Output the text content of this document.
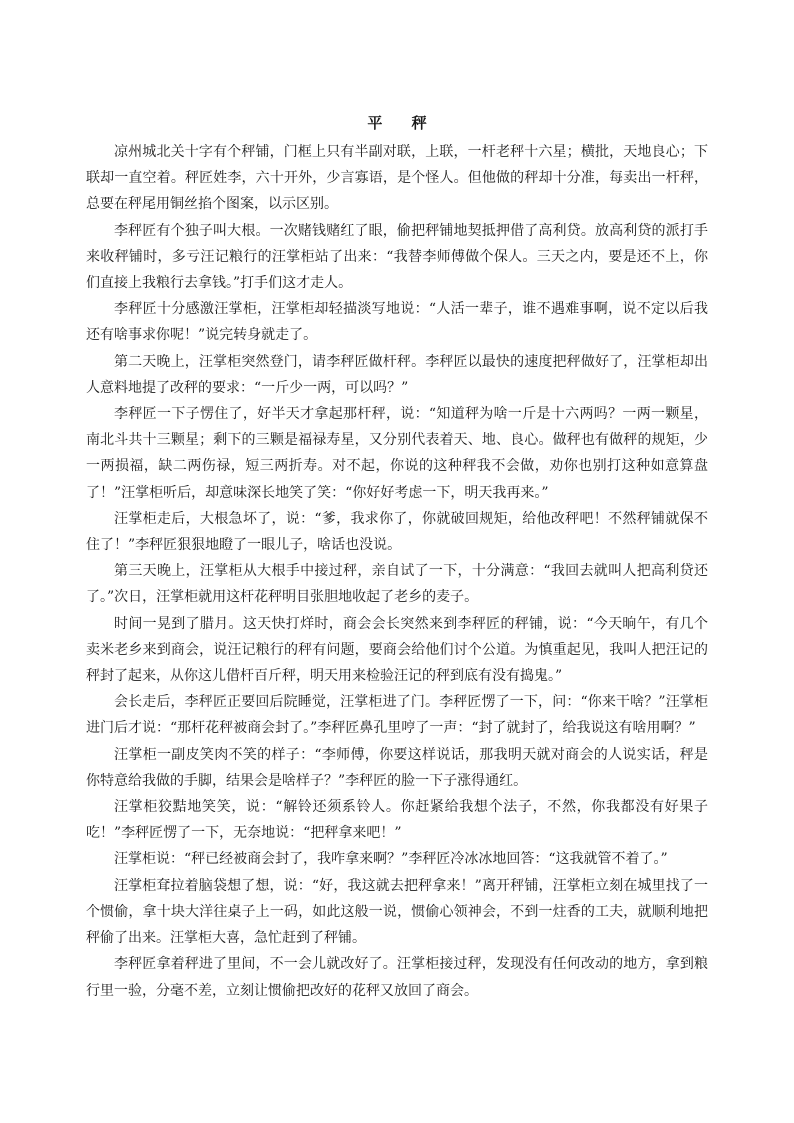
平 秤

凉州城北关十字有个秤铺，门框上只有半副对联，上联，一杆老秤十六星；横批，天地良心；下联却一直空着。秤匠姓李，六十开外，少言寡语，是个怪人。但他做的秤却十分准，每卖出一杆秤，总要在秤尾用铜丝掐个图案，以示区别。

李秤匠有个独子叫大根。一次赌钱赌红了眼，偷把秤铺地契抵押借了高利贷。放高利贷的派打手来收秤铺时，多亏汪记粮行的汪掌柜站了出来：“我替李师傅做个保人。三天之内，要是还不上，你们直接上我粮行去拿钱。”打手们这才走人。

李秤匠十分感激汪掌柜，汪掌柜却轻描淡写地说：“人活一辈子，谁不遇难事啊，说不定以后我还有啥事求你呢！”说完转身就走了。

第二天晚上，汪掌柜突然登门，请李秤匠做杆秤。李秤匠以最快的速度把秤做好了，汪掌柜却出人意料地提了改秤的要求：“一斤少一两，可以吗？”

李秤匠一下子愣住了，好半天才拿起那杆秤，说：“知道秤为啥一斤是十六两吗？一两一颗星，南北斗共十三颗星；剩下的三颗是福禄寿星，又分别代表着天、地、良心。做秤也有做秤的规矩，少一两损福，缺二两伤禄，短三两折寿。对不起，你说的这种秤我不会做，劝你也别打这种如意算盘了！”汪掌柜听后，却意味深长地笑了笑：“你好好考虑一下，明天我再来。”

汪掌柜走后，大根急坏了，说：“爹，我求你了，你就破回规矩，给他改秤吧！不然秤铺就保不住了！”李秤匠狠狠地瞪了一眼儿子，啥话也没说。

第三天晚上，汪掌柜从大根手中接过秤，亲自试了一下，十分满意：“我回去就叫人把高利贷还了。”次日，汪掌柜就用这杆花秤明目张胆地收起了老乡的麦子。

时间一晃到了腊月。这天快打烊时，商会会长突然来到李秤匠的秤铺，说：“今天晌午，有几个卖米老乡来到商会，说汪记粮行的秤有问题，要商会给他们讨个公道。为慎重起见，我叫人把汪记的秤封了起来，从你这儿借杆百斤秤，明天用来检验汪记的秤到底有没有捣鬼。”

会长走后，李秤匠正要回后院睡觉，汪掌柜进了门。李秤匠愣了一下，问：“你来干啥？”汪掌柜进门后才说：“那杆花秤被商会封了。”李秤匠鼻孔里哼了一声：“封了就封了，给我说这有啥用啊？”

汪掌柜一副皮笑肉不笑的样子：“李师傅，你要这样说话，那我明天就对商会的人说实话，秤是你特意给我做的手脚，结果会是啥样子？”李秤匠的脸一下子涨得通红。

汪掌柜狡黠地笑笑，说：“解铃还须系铃人。你赶紧给我想个法子，不然，你我都没有好果子吃！”李秤匠愣了一下，无奈地说：“把秤拿来吧！”

汪掌柜说：“秤已经被商会封了，我咋拿来啊？”李秤匠冷冰冰地回答：“这我就管不着了。”

汪掌柜耷拉着脑袋想了想，说：“好，我这就去把秤拿来！”离开秤铺，汪掌柜立刻在城里找了一个惯偷，拿十块大洋往桌子上一码，如此这般一说，惯偷心领神会，不到一炷香的工夫，就顺利地把秤偷了出来。汪掌柜大喜，急忙赶到了秤铺。

李秤匠拿着秤进了里间，不一会儿就改好了。汪掌柜接过秤，发现没有任何改动的地方，拿到粮行里一验，分毫不差，立刻让惯偷把改好的花秤又放回了商会。
